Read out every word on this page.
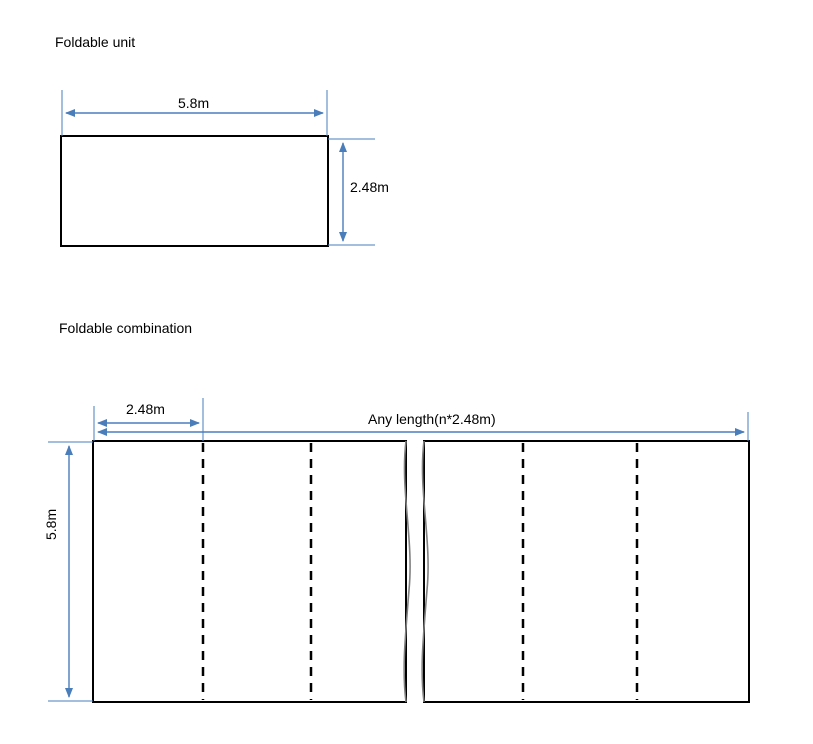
Foldable unit
5.8m
2.48m
Foldable combination
2.48m
Any length(n*2.48m)
5.8m
